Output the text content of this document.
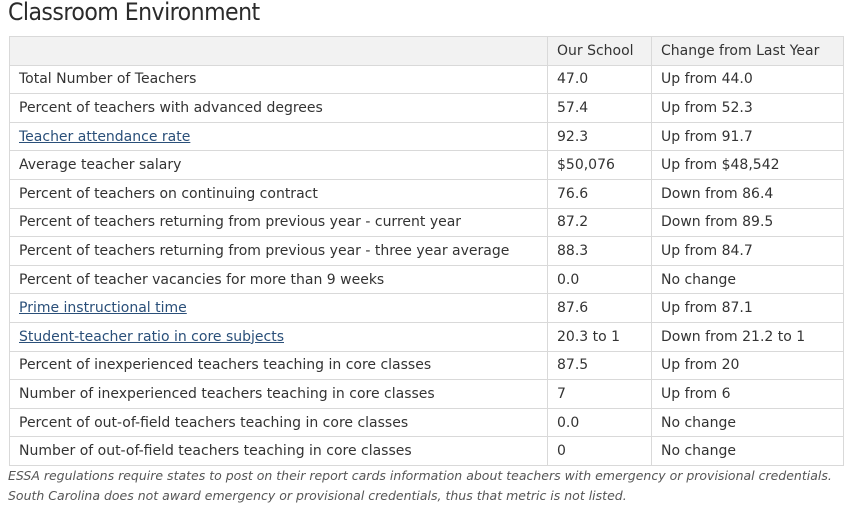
Classroom Environment
	Our School	Change from Last Year
Total Number of Teachers	47.0	Up from 44.0
Percent of teachers with advanced degrees	57.4	Up from 52.3
Teacher attendance rate	92.3	Up from 91.7
Average teacher salary	$50,076	Up from $48,542
Percent of teachers on continuing contract	76.6	Down from 86.4
Percent of teachers returning from previous year - current year	87.2	Down from 89.5
Percent of teachers returning from previous year - three year average	88.3	Up from 84.7
Percent of teacher vacancies for more than 9 weeks	0.0	No change
Prime instructional time	87.6	Up from 87.1
Student-teacher ratio in core subjects	20.3 to 1	Down from 21.2 to 1
Percent of inexperienced teachers teaching in core classes	87.5	Up from 20
Number of inexperienced teachers teaching in core classes	7	Up from 6
Percent of out-of-field teachers teaching in core classes	0.0	No change
Number of out-of-field teachers teaching in core classes	0	No change

ESSA regulations require states to post on their report cards information about teachers with emergency or provisional credentials. South Carolina does not award emergency or provisional credentials, thus that metric is not listed.
